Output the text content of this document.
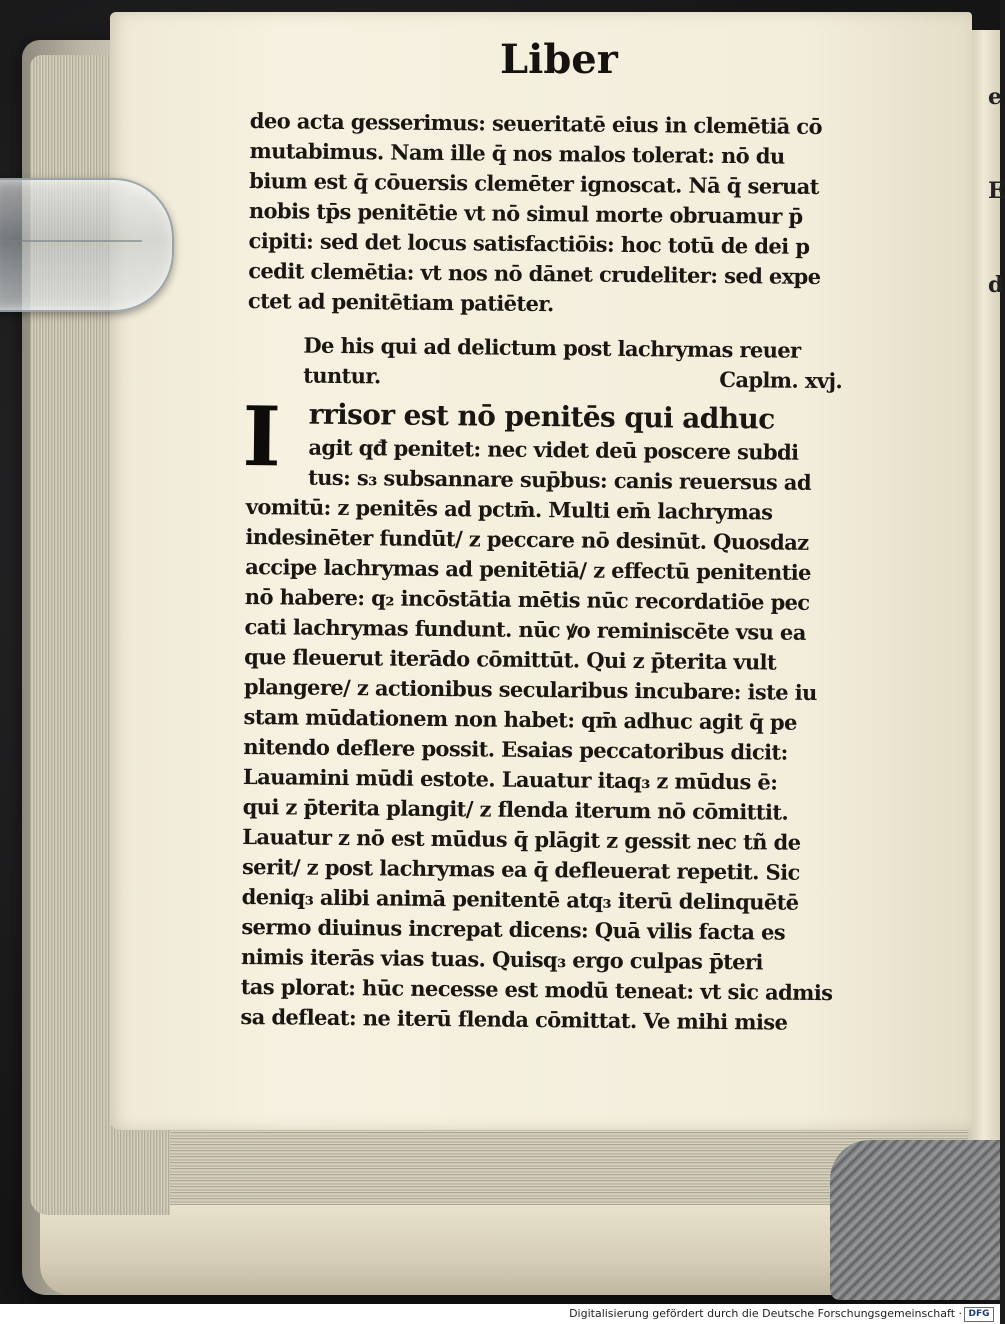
e
E
d
Liber
deo acta gesserimus: seueritatē eius in clemētiā cō
mutabimus. Nam ille q̄ nos malos tolerat: nō du
bium est q̄ cōuersis clemēter ignoscat. Nā q̄ seruat
nobis tp̄s penitētie vt nō simul morte obruamur p̄
cipiti: sed det locus satisfactiōis: hoc totū de dei p
cedit clemētia: vt nos nō dānet crudeliter: sed expe
ctet ad penitētiam patiēter.
De his qui ad delictum post lachrymas reuer
tuntur.	Caplm. xvj.
I rrisor est nō penitēs qui adhuc
agit qđ penitet: nec videt deū poscere subdi
tus: s₃ subsannare sup̄bus: canis reuersus ad
vomitū: z penitēs ad pctm̄. Multi em̄ lachrymas
indesinēter fundūt/ z peccare nō desinūt. Quosdaz
accipe lachrymas ad penitētiā/ z effectū penitentie
nō habere: q₂ incōstātia mētis nūc recordatiōe pec
cati lachrymas fundunt. nūc ꝟo reminiscēte vsu ea
que fleuerut iterādo cōmittūt. Qui z p̄terita vult
plangere/ z actionibus secularibus incubare: iste iu
stam mūdationem non habet: qm̄ adhuc agit q̄ pe
nitendo deflere possit. Esaias peccatoribus dicit:
Lauamini mūdi estote. Lauatur itaq₃ z mūdus ē:
qui z p̄terita plangit/ z flenda iterum nō cōmittit.
Lauatur z nō est mūdus q̄ plāgit z gessit nec tñ de
serit/ z post lachrymas ea q̄ defleuerat repetit. Sic
deniq₃ alibi animā penitentē atq₃ iterū delinquētē
sermo diuinus increpat dicens: Quā vilis facta es
nimis iterās vias tuas. Quisq₃ ergo culpas p̄teri
tas plorat: hūc necesse est modū teneat: vt sic admis
sa defleat: ne iterū flenda cōmittat. Ve mihi mise
Digitalisierung gefördert durch die Deutsche Forschungsgemeinschaft · DFG
